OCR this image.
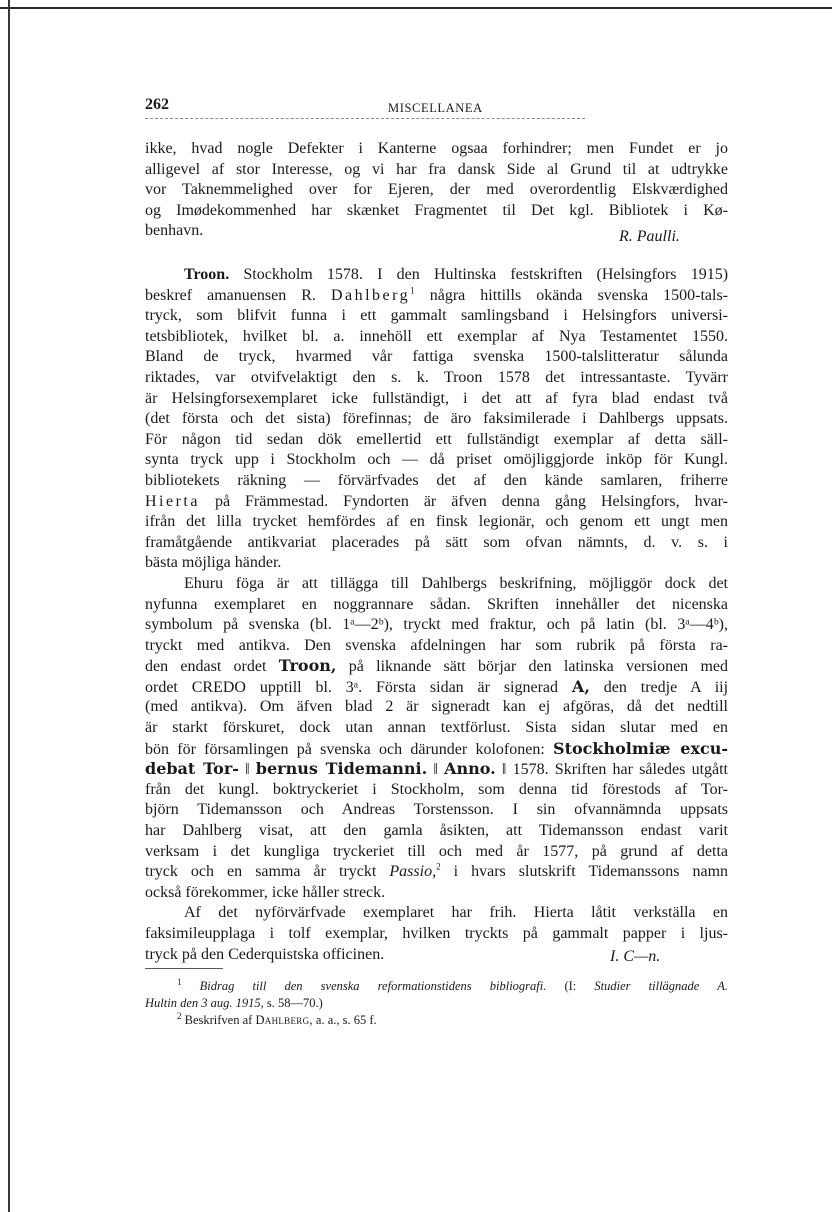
262	MISCELLANEA
ikke, hvad nogle Defekter i Kanterne ogsaa forhindrer; men Fundet er jo
alligevel af stor Interesse, og vi har fra dansk Side al Grund til at udtrykke
vor Taknemmelighed over for Ejeren, der med overordentlig Elskværdighed
og Imødekommenhed har skænket Fragmentet til Det kgl. Bibliotek i Kø-
benhavn.	R. Paulli.
Troon. Stockholm 1578. I den Hultinska festskriften (Helsingfors 1915)
beskref amanuensen R. Dahlberg$^1$ några hittills okända svenska 1500-tals-
tryck, som blifvit funna i ett gammalt samlingsband i Helsingfors universi-
tetsbibliotek, hvilket bl. a. innehöll ett exemplar af Nya Testamentet 1550.
Bland de tryck, hvarmed vår fattiga svenska 1500-talslitteratur sålunda
riktades, var otvifvelaktigt den s. k. Troon 1578 det intressantaste. Tyvärr
är Helsingforsexemplaret icke fullständigt, i det att af fyra blad endast två
(det första och det sista) förefinnas; de äro faksimilerade i Dahlbergs uppsats.
För någon tid sedan dök emellertid ett fullständigt exemplar af detta säll-
synta tryck upp i Stockholm och — då priset omöjliggjorde inköp för Kungl.
bibliotekets räkning — förvärfvades det af den kände samlaren, friherre
Hierta på Främmestad. Fyndorten är äfven denna gång Helsingfors, hvar-
ifrån det lilla trycket hemfördes af en finsk legionär, och genom ett ungt men
framåtgående antikvariat placerades på sätt som ofvan nämnts, d. v. s. i
bästa möjliga händer.
Ehuru föga är att tillägga till Dahlbergs beskrifning, möjliggör dock det
nyfunna exemplaret en noggrannare sådan. Skriften innehåller det nicenska
symbolum på svenska (bl. 1ᵃ—2ᵇ), tryckt med fraktur, och på latin (bl. 3ᵃ—4ᵇ),
tryckt med antikva. Den svenska afdelningen har som rubrik på första ra-
den endast ordet Troon, på liknande sätt börjar den latinska versionen med
ordet CREDO upptill bl. 3ᵃ. Första sidan är signerad A, den tredje A iij
(med antikva). Om äfven blad 2 är signeradt kan ej afgöras, då det nedtill
är starkt förskuret, dock utan annan textförlust. Sista sidan slutar med en
bön för församlingen på svenska och därunder kolofonen: Stockholmiæ excu-
debat Tor- ‖ bernus Tidemanni. ‖ Anno. ‖ 1578. Skriften har således utgått
från det kungl. boktryckeriet i Stockholm, som denna tid förestods af Tor-
björn Tidemansson och Andreas Torstensson. I sin ofvannämnda uppsats
har Dahlberg visat, att den gamla åsikten, att Tidemansson endast varit
verksam i det kungliga tryckeriet till och med år 1577, på grund af detta
tryck och en samma år tryckt Passio,$^2$ i hvars slutskrift Tidemanssons namn
också förekommer, icke håller streck.
Af det nyförvärfvade exemplaret har frih. Hierta låtit verkställa en
faksimileupplaga i tolf exemplar, hvilken tryckts på gammalt papper i ljus-
tryck på den Cederquistska officinen.	I. C—n.
$^1$ Bidrag till den svenska reformationstidens bibliografi. (I: Studier tillägnade A.
Hultin den 3 aug. 1915, s. 58—70.)
$^2$ Beskrifven af Dahlberg, a. a., s. 65 f.
